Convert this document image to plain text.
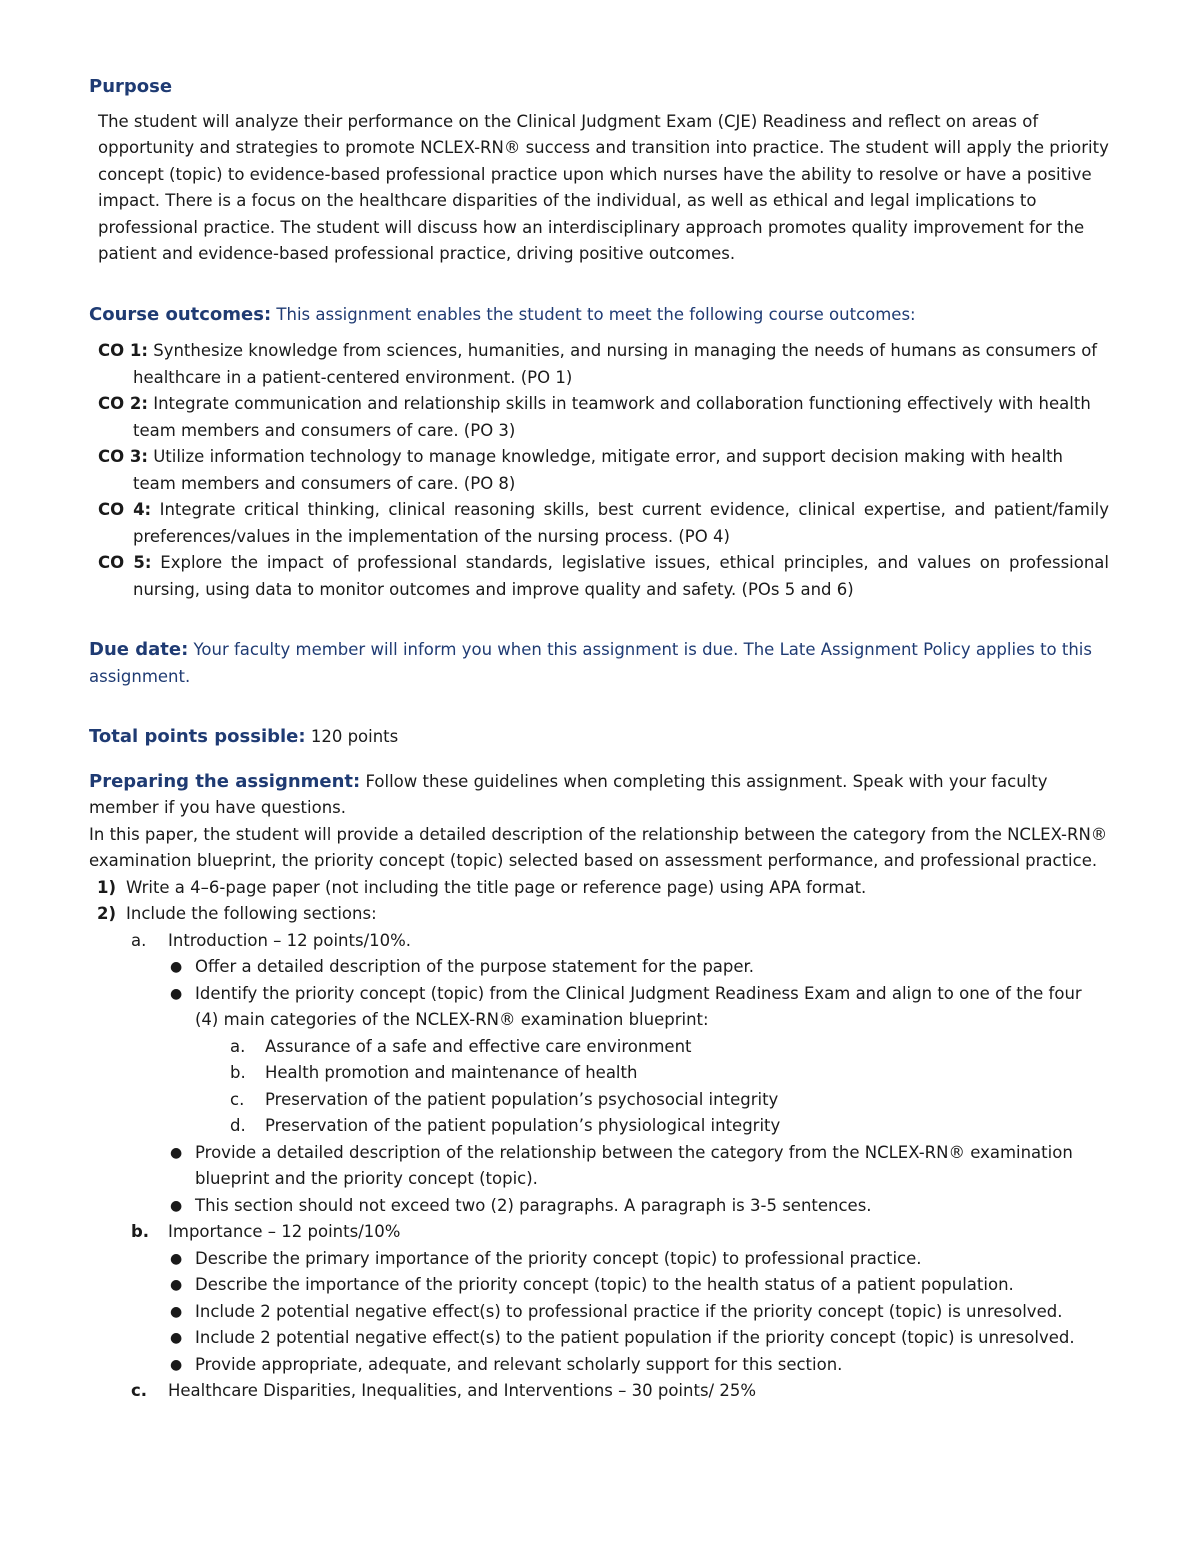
Purpose
The student will analyze their performance on the Clinical Judgment Exam (CJE) Readiness and reflect on areas of opportunity and strategies to promote NCLEX-RN® success and transition into practice. The student will apply the priority concept (topic) to evidence-based professional practice upon which nurses have the ability to resolve or have a positive impact. There is a focus on the healthcare disparities of the individual, as well as ethical and legal implications to professional practice. The student will discuss how an interdisciplinary approach promotes quality improvement for the patient and evidence-based professional practice, driving positive outcomes.
Course outcomes: This assignment enables the student to meet the following course outcomes:
CO 1: Synthesize knowledge from sciences, humanities, and nursing in managing the needs of humans as consumers of healthcare in a patient-centered environment. (PO 1)
CO 2: Integrate communication and relationship skills in teamwork and collaboration functioning effectively with health team members and consumers of care. (PO 3)
CO 3: Utilize information technology to manage knowledge, mitigate error, and support decision making with health team members and consumers of care. (PO 8)
CO 4: Integrate critical thinking, clinical reasoning skills, best current evidence, clinical expertise, and patient/family preferences/values in the implementation of the nursing process. (PO 4)
CO 5: Explore the impact of professional standards, legislative issues, ethical principles, and values on professional nursing, using data to monitor outcomes and improve quality and safety. (POs 5 and 6)
Due date: Your faculty member will inform you when this assignment is due. The Late Assignment Policy applies to this assignment.
Total points possible: 120 points
Preparing the assignment: Follow these guidelines when completing this assignment. Speak with your faculty member if you have questions.
In this paper, the student will provide a detailed description of the relationship between the category from the NCLEX-RN® examination blueprint, the priority concept (topic) selected based on assessment performance, and professional practice.
1) Write a 4–6-page paper (not including the title page or reference page) using APA format.
2) Include the following sections:
a. Introduction – 12 points/10%.
● Offer a detailed description of the purpose statement for the paper.
● Identify the priority concept (topic) from the Clinical Judgment Readiness Exam and align to one of the four (4) main categories of the NCLEX-RN® examination blueprint:
a. Assurance of a safe and effective care environment
b. Health promotion and maintenance of health
c. Preservation of the patient population’s psychosocial integrity
d. Preservation of the patient population’s physiological integrity
● Provide a detailed description of the relationship between the category from the NCLEX-RN® examination blueprint and the priority concept (topic).
● This section should not exceed two (2) paragraphs. A paragraph is 3-5 sentences.
b. Importance – 12 points/10%
● Describe the primary importance of the priority concept (topic) to professional practice.
● Describe the importance of the priority concept (topic) to the health status of a patient population.
● Include 2 potential negative effect(s) to professional practice if the priority concept (topic) is unresolved.
● Include 2 potential negative effect(s) to the patient population if the priority concept (topic) is unresolved.
● Provide appropriate, adequate, and relevant scholarly support for this section.
c. Healthcare Disparities, Inequalities, and Interventions – 30 points/ 25%
